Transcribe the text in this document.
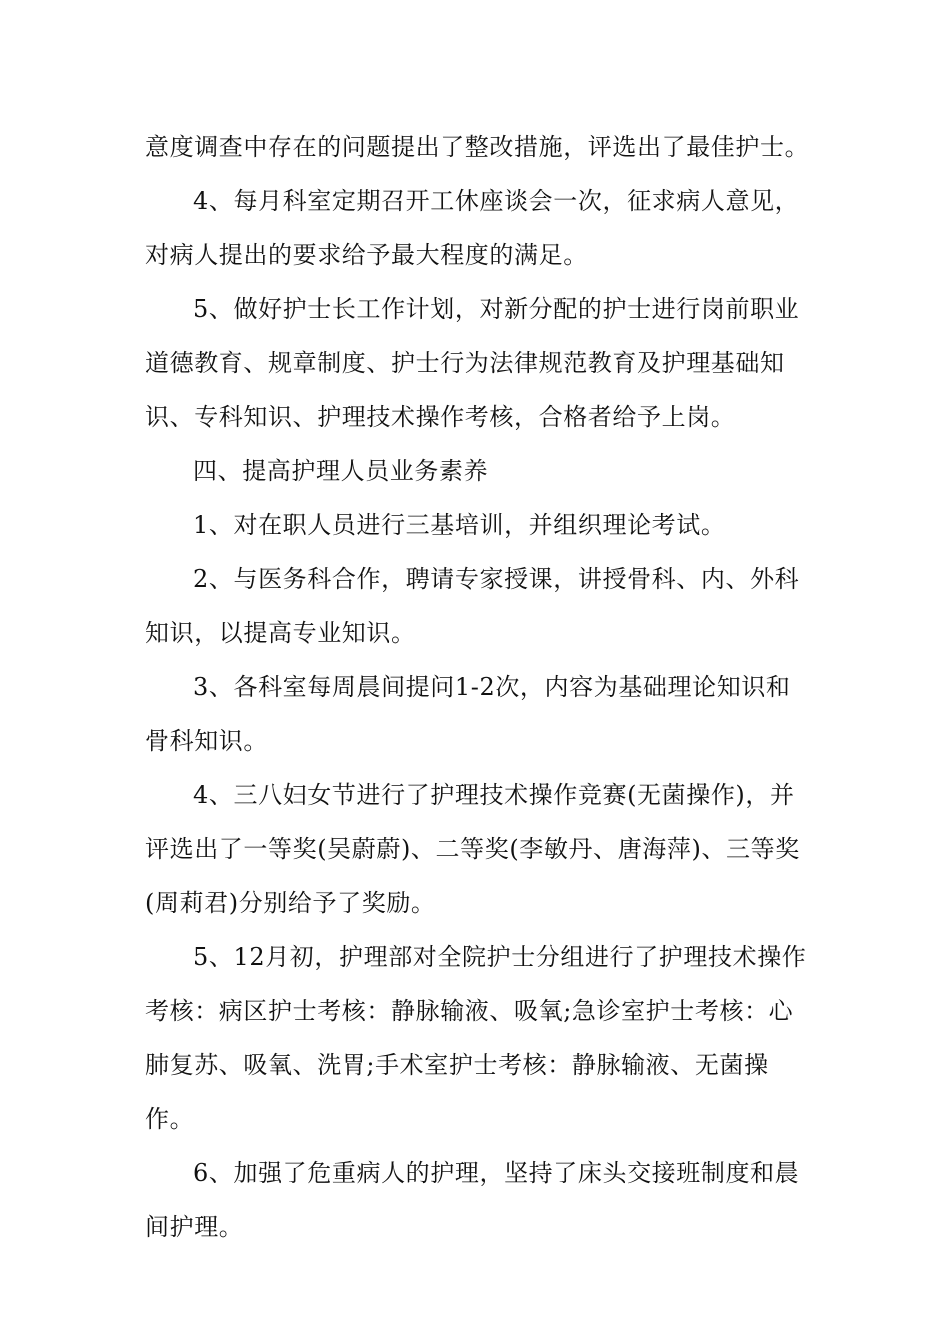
意度调查中存在的问题提出了整改措施，评选出了最佳护士。

4、每月科室定期召开工休座谈会一次，征求病人意见，对病人提出的要求给予最大程度的满足。

5、做好护士长工作计划，对新分配的护士进行岗前职业道德教育、规章制度、护士行为法律规范教育及护理基础知识、专科知识、护理技术操作考核，合格者给予上岗。

四、提高护理人员业务素养

1、对在职人员进行三基培训，并组织理论考试。

2、与医务科合作，聘请专家授课，讲授骨科、内、外科知识，以提高专业知识。

3、各科室每周晨间提问1-2次，内容为基础理论知识和骨科知识。

4、三八妇女节进行了护理技术操作竞赛(无菌操作)，并评选出了一等奖(吴蔚蔚)、二等奖(李敏丹、唐海萍)、三等奖(周莉君)分别给予了奖励。

5、12月初，护理部对全院护士分组进行了护理技术操作考核：病区护士考核：静脉输液、吸氧;急诊室护士考核：心肺复苏、吸氧、洗胃;手术室护士考核：静脉输液、无菌操作。

6、加强了危重病人的护理，坚持了床头交接班制度和晨间护理。
